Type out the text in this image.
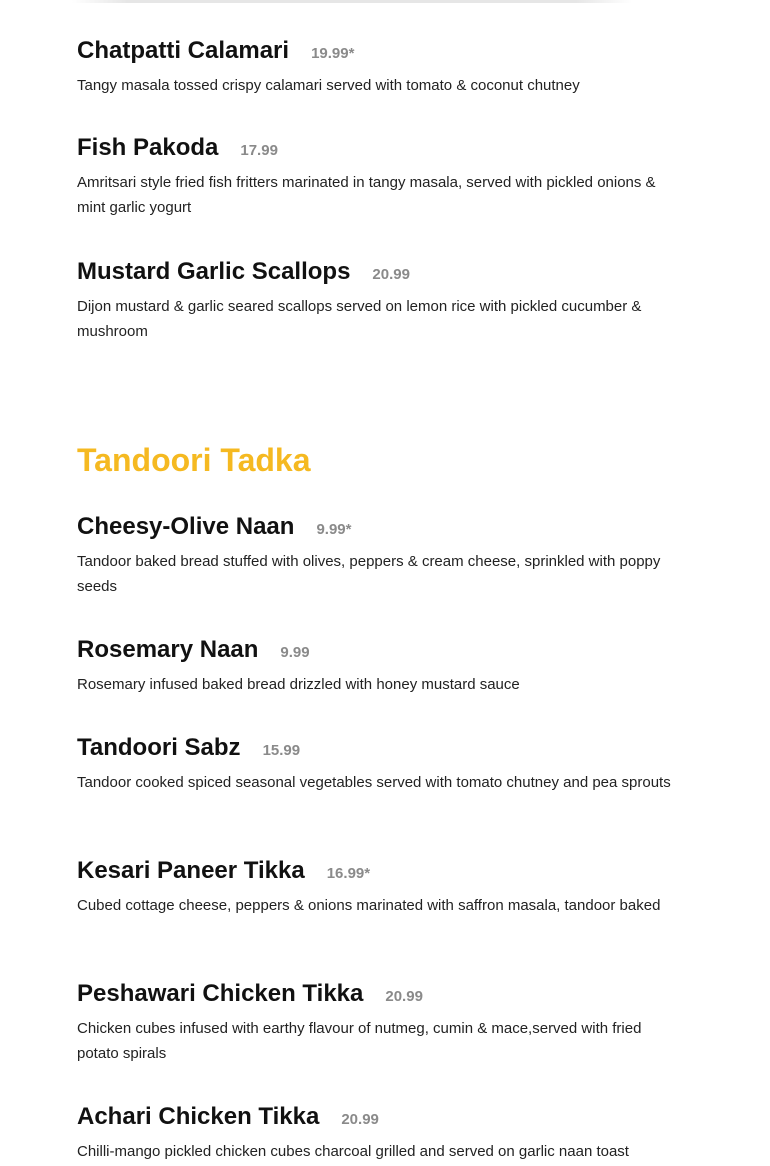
Chatpatti Calamari 19.99*
Tangy masala tossed crispy calamari served with tomato & coconut chutney
Fish Pakoda 17.99
Amritsari style fried fish fritters marinated in tangy masala, served with pickled onions & mint garlic yogurt
Mustard Garlic Scallops 20.99
Dijon mustard & garlic seared scallops served on lemon rice with pickled cucumber & mushroom
Tandoori Tadka
Cheesy-Olive Naan 9.99*
Tandoor baked bread stuffed with olives, peppers & cream cheese, sprinkled with poppy seeds
Rosemary Naan 9.99
Rosemary infused baked bread drizzled with honey mustard sauce
Tandoori Sabz 15.99
Tandoor cooked spiced seasonal vegetables served with tomato chutney and pea sprouts
Kesari Paneer Tikka 16.99*
Cubed cottage cheese, peppers & onions marinated with saffron masala, tandoor baked
Peshawari Chicken Tikka 20.99
Chicken cubes infused with earthy flavour of nutmeg, cumin & mace,served with fried potato spirals
Achari Chicken Tikka 20.99
Chilli-mango pickled chicken cubes charcoal grilled and served on garlic naan toast
